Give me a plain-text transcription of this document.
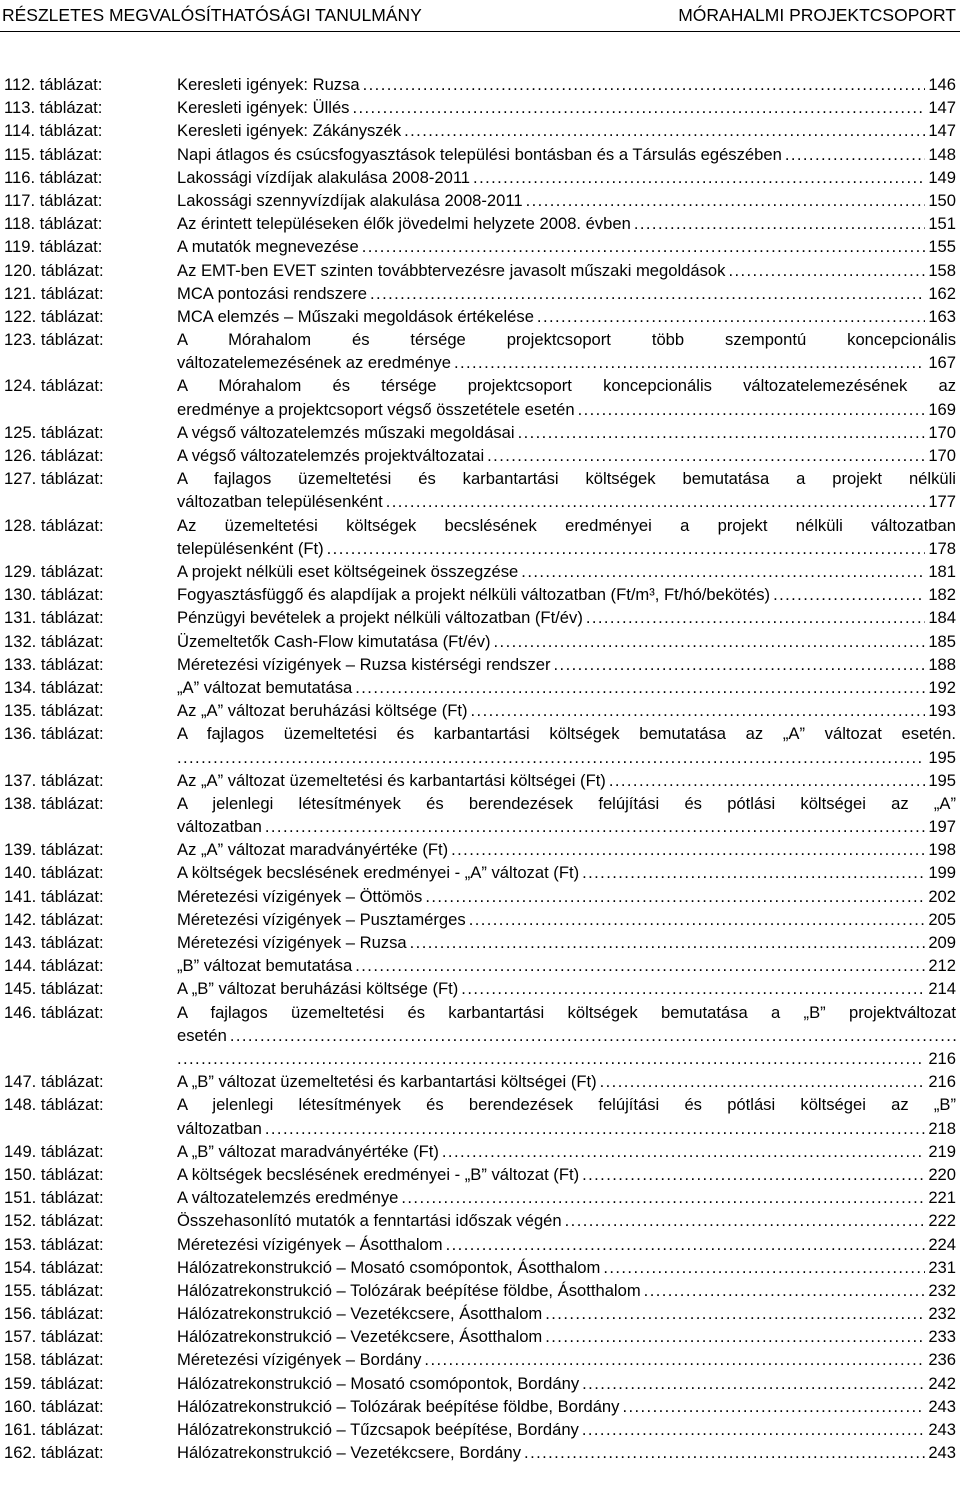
RÉSZLETES MEGVALÓSÍTHATÓSÁGI TANULMÁNY	MÓRAHALMI PROJEKTCSOPORT
112. táblázat:	Keresleti igények: Ruzsa . . .	146
113. táblázat:	Keresleti igények: Üllés . . .	147
114. táblázat:	Keresleti igények: Zákányszék . . .	147
115. táblázat:	Napi átlagos és csúcsfogyasztások települési bontásban és a Társulás egészében . . .	148
116. táblázat:	Lakossági vízdíjak alakulása 2008-2011 . . .	149
117. táblázat:	Lakossági szennyvízdíjak alakulása 2008-2011 . . .	150
118. táblázat:	Az érintett településeken élők jövedelmi helyzete 2008. évben . . .	151
119. táblázat:	A mutatók megnevezése . . .	155
120. táblázat:	Az EMT-ben EVET szinten továbbtervezésre javasolt műszaki megoldások . . .	158
121. táblázat:	MCA pontozási rendszere . . .	162
122. táblázat:	MCA elemzés – Műszaki megoldások értékelése . . .	163
123. táblázat:	A Mórahalom és térsége projektcsoport több szempontú koncepcionális
változatelemezésének az eredménye . . .	167
124. táblázat:	A Mórahalom és térsége projektcsoport koncepcionális változatelemezésének az
eredménye a projektcsoport végső összetétele esetén . . .	169
125. táblázat:	A végső változatelemzés műszaki megoldásai . . .	170
126. táblázat:	A végső változatelemzés projektváltozatai . . .	170
127. táblázat:	A fajlagos üzemeltetési és karbantartási költségek bemutatása a projekt nélküli
változatban településenként . . .	177
128. táblázat:	Az üzemeltetési költségek becslésének eredményei a projekt nélküli változatban
településenként (Ft) . . .	178
129. táblázat:	A projekt nélküli eset költségeinek összegzése . . .	181
130. táblázat:	Fogyasztásfüggő és alapdíjak a projekt nélküli változatban (Ft/m³, Ft/hó/bekötés) . . .	182
131. táblázat:	Pénzügyi bevételek a projekt nélküli változatban (Ft/év) . . .	184
132. táblázat:	Üzemeltetők Cash-Flow kimutatása (Ft/év) . . .	185
133. táblázat:	Méretezési vízigények – Ruzsa kistérségi rendszer . . .	188
134. táblázat:	„A” változat bemutatása . . .	192
135. táblázat:	Az „A” változat beruházási költsége (Ft) . . .	193
136. táblázat:	A fajlagos üzemeltetési és karbantartási költségek bemutatása az „A” változat esetén.
. . .
195
137. táblázat:	Az „A” változat üzemeltetési és karbantartási költségei (Ft) . . .	195
138. táblázat:	A jelenlegi létesítmények és berendezések felújítási és pótlási költségei az „A”
változatban . . .	197
139. táblázat:	Az „A” változat maradványértéke (Ft) . . .	198
140. táblázat:	A költségek becslésének eredményei - „A” változat (Ft) . . .	199
141. táblázat:	Méretezési vízigények – Öttömös . . .	202
142. táblázat:	Méretezési vízigények – Pusztamérges . . .	205
143. táblázat:	Méretezési vízigények – Ruzsa . . .	209
144. táblázat:	„B” változat bemutatása . . .	212
145. táblázat:	A „B” változat beruházási költsége (Ft) . . .	214
146. táblázat:	A fajlagos üzemeltetési és karbantartási költségek bemutatása a „B” projektváltozat
esetén . . .
. . .
216
147. táblázat:	A „B” változat üzemeltetési és karbantartási költségei (Ft) . . .	216
148. táblázat:	A jelenlegi létesítmények és berendezések felújítási és pótlási költségei az „B”
változatban . . .	218
149. táblázat:	A „B” változat maradványértéke (Ft) . . .	219
150. táblázat:	A költségek becslésének eredményei - „B” változat (Ft) . . .	220
151. táblázat:	A változatelemzés eredménye . . .	221
152. táblázat:	Összehasonlító mutatók a fenntartási időszak végén . . .	222
153. táblázat:	Méretezési vízigények – Ásotthalom . . .	224
154. táblázat:	Hálózatrekonstrukció – Mosató csomópontok, Ásotthalom . . .	231
155. táblázat:	Hálózatrekonstrukció – Tolózárak beépítése földbe, Ásotthalom . . .	232
156. táblázat:	Hálózatrekonstrukció – Vezetékcsere, Ásotthalom . . .	232
157. táblázat:	Hálózatrekonstrukció – Vezetékcsere, Ásotthalom . . .	233
158. táblázat:	Méretezési vízigények – Bordány . . .	236
159. táblázat:	Hálózatrekonstrukció – Mosató csomópontok, Bordány . . .	242
160. táblázat:	Hálózatrekonstrukció – Tolózárak beépítése földbe, Bordány . . .	243
161. táblázat:	Hálózatrekonstrukció – Tűzcsapok beépítése, Bordány . . .	243
162. táblázat:	Hálózatrekonstrukció – Vezetékcsere, Bordány . . .	243
